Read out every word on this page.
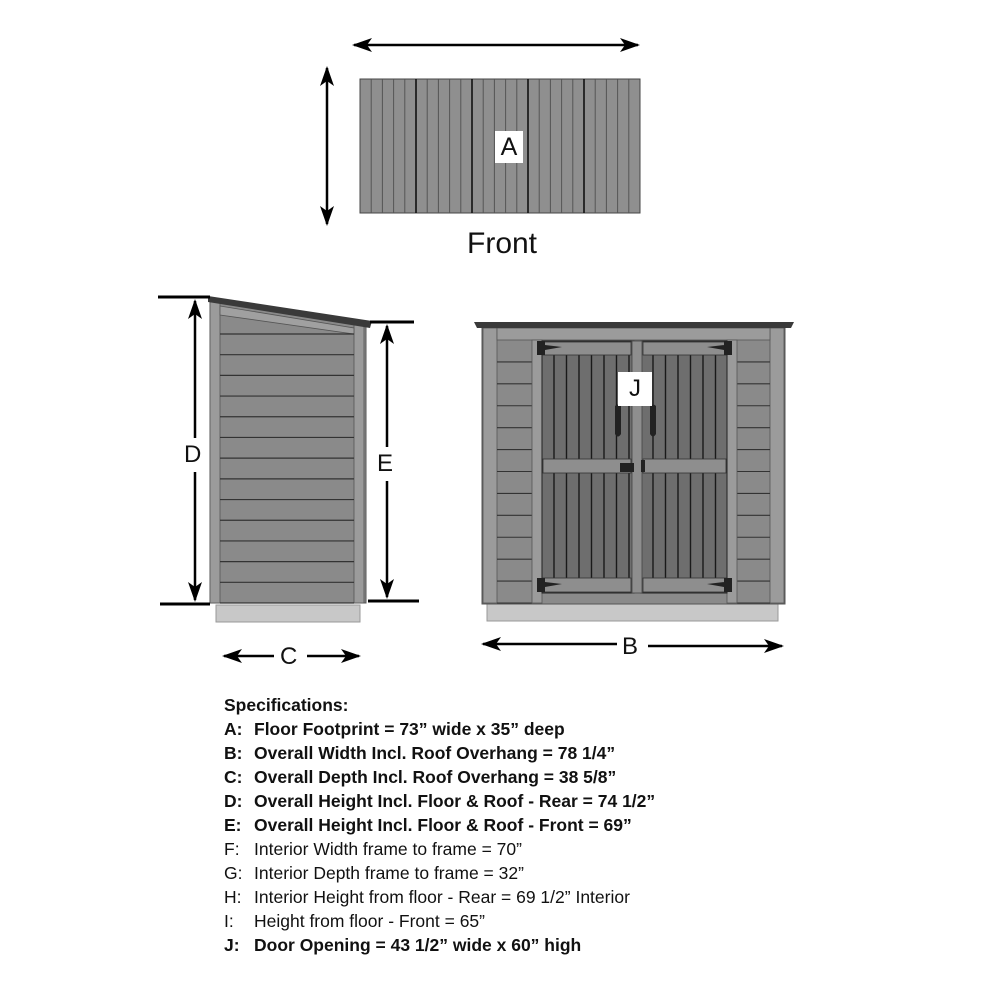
A
Front
D	E
C
J
B
Specifications:
A: Floor Footprint = 73” wide x 35” deep
B: Overall Width Incl. Roof Overhang = 78 1/4”
C: Overall Depth Incl. Roof Overhang = 38 5/8”
D: Overall Height Incl. Floor & Roof - Rear = 74 1/2”
E: Overall Height Incl. Floor & Roof - Front = 69”
F: Interior Width frame to frame = 70”
G: Interior Depth frame to frame = 32”
H: Interior Height from floor - Rear = 69 1/2” Interior
I: Height from floor - Front = 65”
J: Door Opening = 43 1/2” wide x 60” high
